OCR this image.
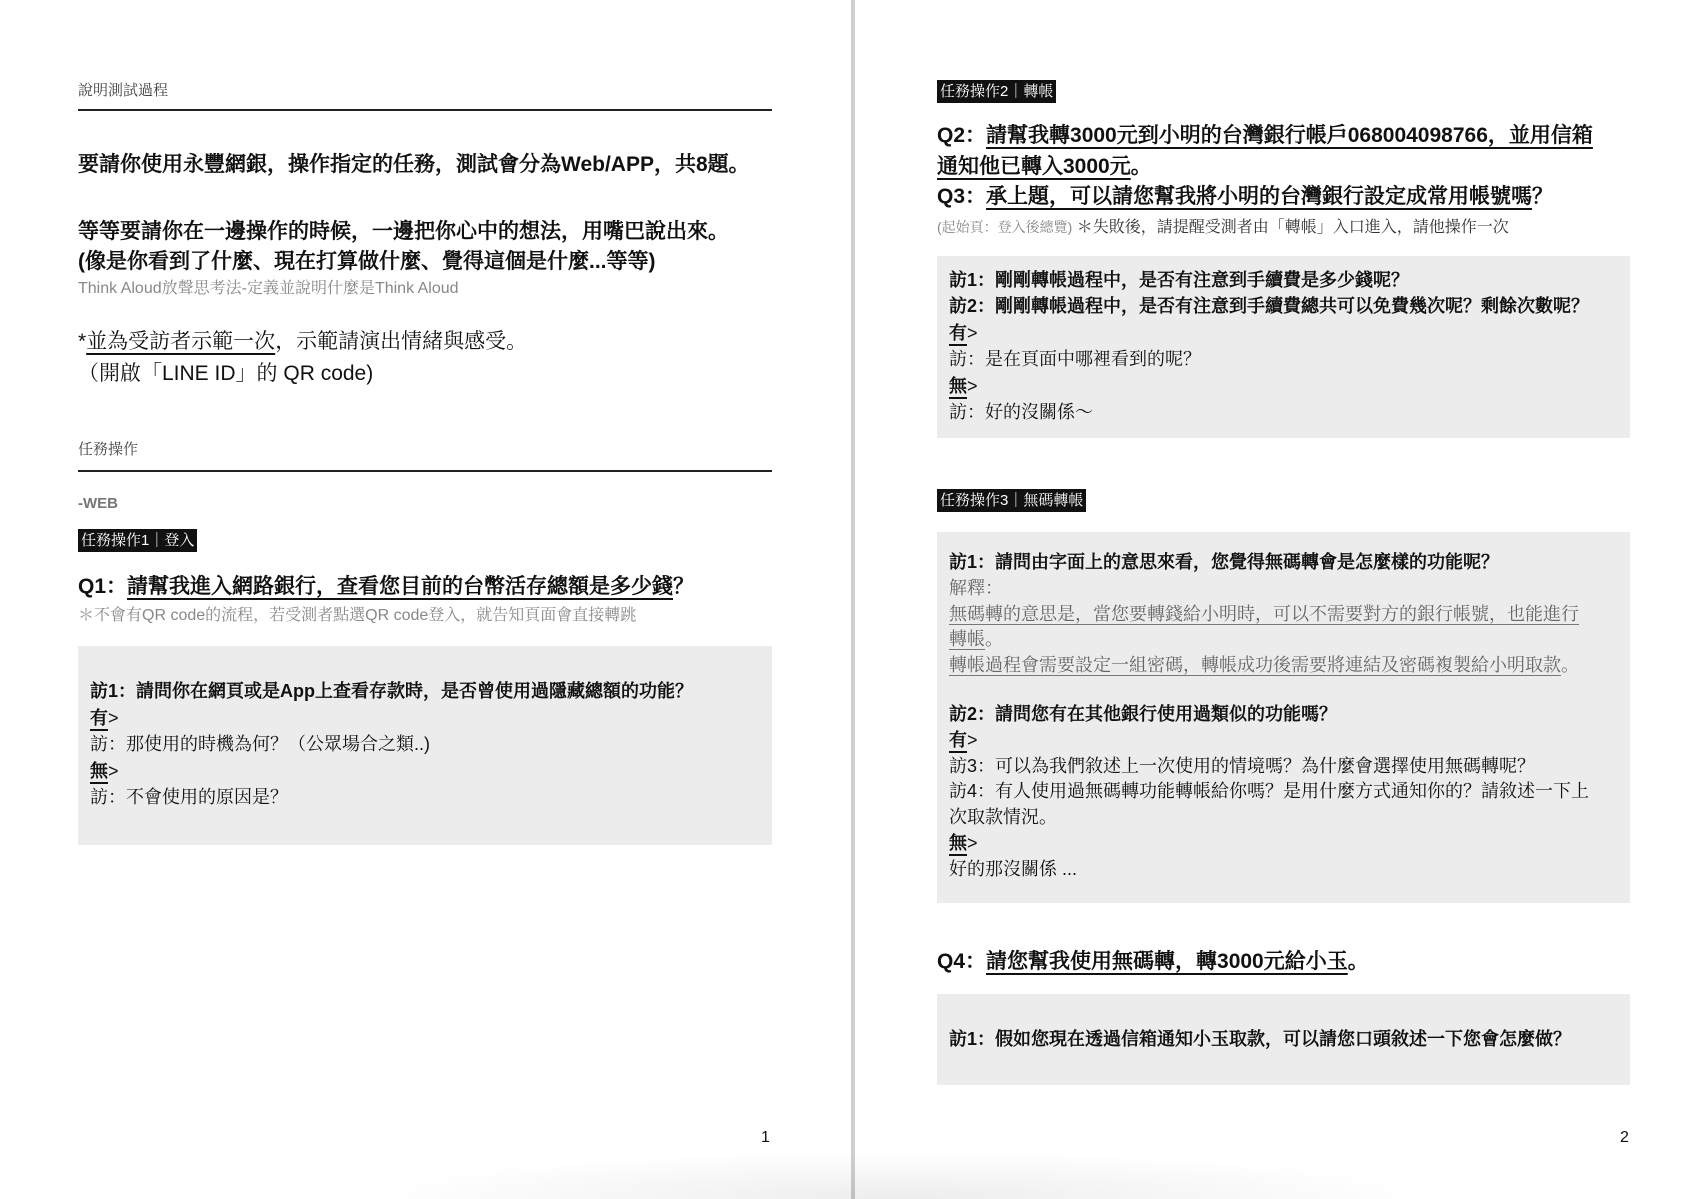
說明測試過程
要請你使用永豐網銀，操作指定的任務，測試會分為Web/APP，共8題。
等等要請你在一邊操作的時候，一邊把你心中的想法，用嘴巴說出來。
(像是你看到了什麼、現在打算做什麼、覺得這個是什麼...等等)
Think Aloud放聲思考法-定義並說明什麼是Think Aloud
*並為受訪者示範一次，示範請演出情緒與感受。
（開啟「LINE ID」的 QR code)
任務操作
-WEB
任務操作1｜登入
Q1：請幫我進入網路銀行，查看您目前的台幣活存總額是多少錢？
＊不會有QR code的流程，若受測者點選QR code登入，就告知頁面會直接轉跳
訪1：請問你在網頁或是App上查看存款時，是否曾使用過隱藏總額的功能？
有>
訪：那使用的時機為何？（公眾場合之類..)
無>
訪：不會使用的原因是？
1
任務操作2｜轉帳
Q2：請幫我轉3000元到小明的台灣銀行帳戶068004098766，並用信箱
通知他已轉入3000元。
Q3：承上題，可以請您幫我將小明的台灣銀行設定成常用帳號嗎？
(起始頁：登入後總覽) ＊失敗後，請提醒受測者由「轉帳」入口進入，請他操作一次
訪1：剛剛轉帳過程中，是否有注意到手續費是多少錢呢？
訪2：剛剛轉帳過程中，是否有注意到手續費總共可以免費幾次呢？剩餘次數呢？
有>
訪：是在頁面中哪裡看到的呢？
無>
訪：好的沒關係～
任務操作3｜無碼轉帳
訪1：請問由字面上的意思來看，您覺得無碼轉會是怎麼樣的功能呢？
解釋：
無碼轉的意思是，當您要轉錢給小明時，可以不需要對方的銀行帳號，也能進行
轉帳。
轉帳過程會需要設定一組密碼，轉帳成功後需要將連結及密碼複製給小明取款。
訪2：請問您有在其他銀行使用過類似的功能嗎？
有>
訪3：可以為我們敘述上一次使用的情境嗎？為什麼會選擇使用無碼轉呢？
訪4：有人使用過無碼轉功能轉帳給你嗎？是用什麼方式通知你的？請敘述一下上
次取款情況。
無>
好的那沒關係 ...
Q4：請您幫我使用無碼轉，轉3000元給小玉。
訪1：假如您現在透過信箱通知小玉取款，可以請您口頭敘述一下您會怎麼做？
2
